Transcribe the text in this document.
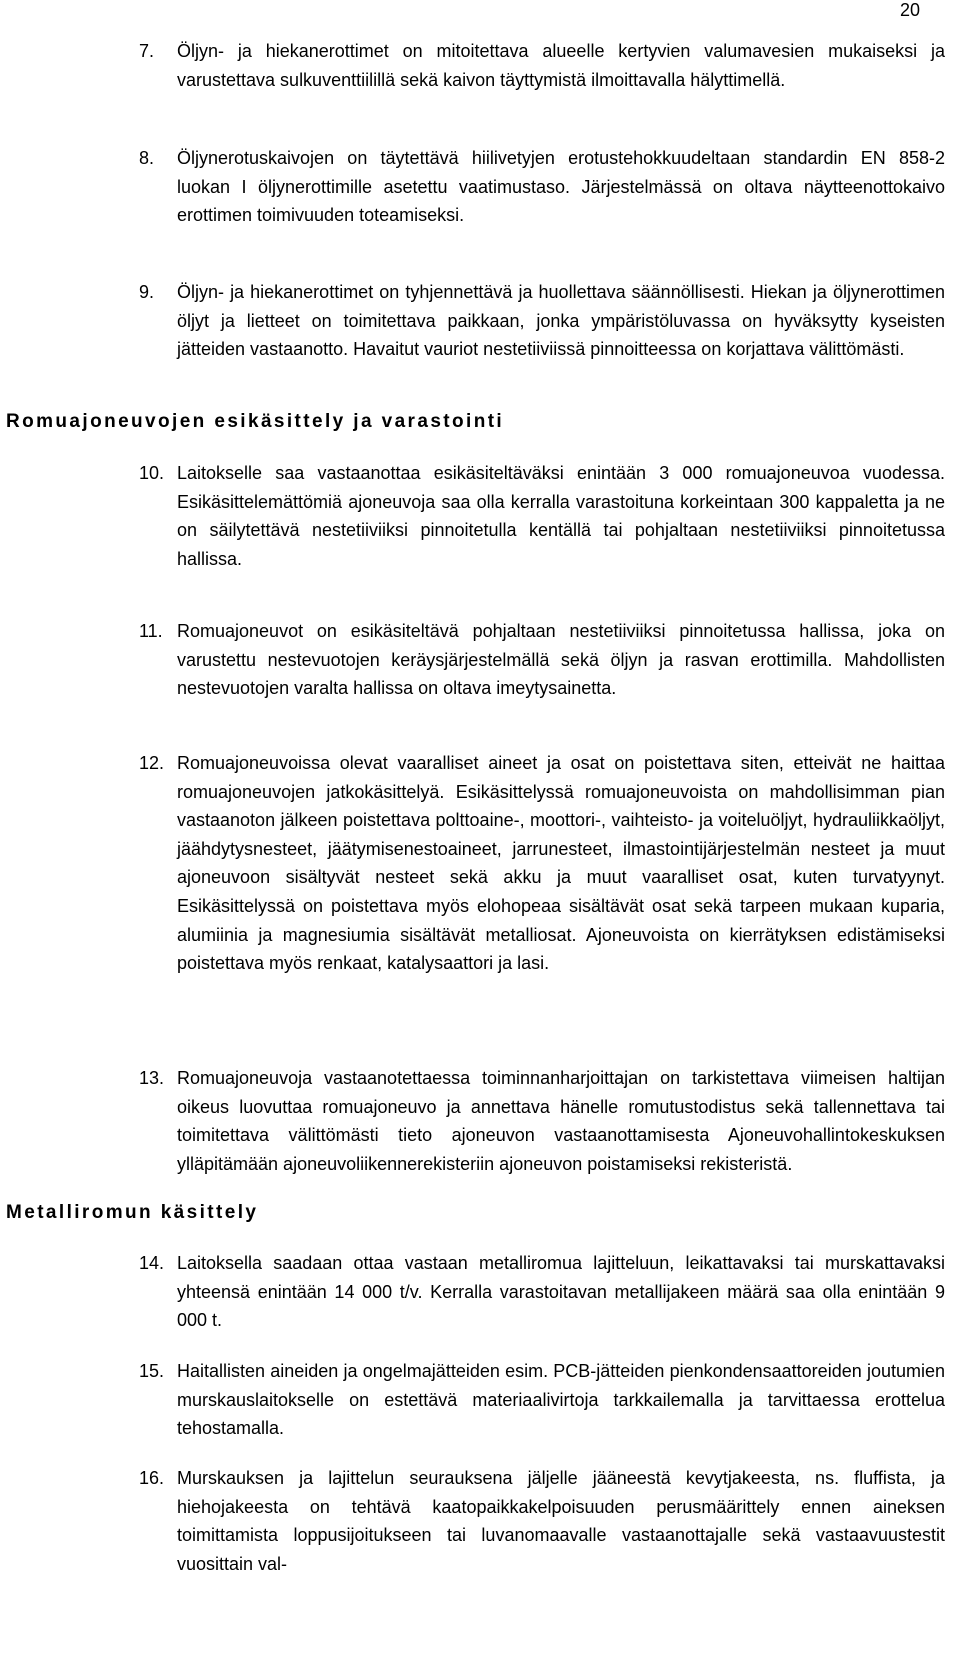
20
7.	Öljyn- ja hiekanerottimet on mitoitettava alueelle kertyvien valumavesien mukaiseksi ja varustettava sulkuventtiilillä sekä kaivon täyttymistä ilmoittavalla hälyttimellä.

8.	Öljynerotuskaivojen on täytettävä hiilivetyjen erotustehokkuudeltaan standardin EN 858-2 luokan I öljynerottimille asetettu vaatimustaso. Järjestelmässä on oltava näytteenottokaivo erottimen toimivuuden toteamiseksi.

9.	Öljyn- ja hiekanerottimet on tyhjennettävä ja huollettava säännöllisesti. Hiekan ja öljynerottimen öljyt ja lietteet on toimitettava paikkaan, jonka ympäristöluvassa on hyväksytty kyseisten jätteiden vastaanotto. Havaitut vauriot nestetiiviissä pinnoitteessa on korjattava välittömästi.

Romuajoneuvojen esikäsittely ja varastointi
10. Laitokselle saa vastaanottaa esikäsiteltäväksi enintään 3 000 romuajoneuvoa vuodessa. Esikäsittelemättömiä ajoneuvoja saa olla kerralla varastoituna korkeintaan 300 kappaletta ja ne on säilytettävä nestetiiviiksi pinnoitetulla kentällä tai pohjaltaan nestetiiviiksi pinnoitetussa hallissa.

11. Romuajoneuvot on esikäsiteltävä pohjaltaan nestetiiviiksi pinnoitetussa hallissa, joka on varustettu nestevuotojen keräysjärjestelmällä sekä öljyn ja rasvan erottimilla. Mahdollisten nestevuotojen varalta hallissa on oltava imeytysainetta.

12. Romuajoneuvoissa olevat vaaralliset aineet ja osat on poistettava siten, etteivät ne haittaa romuajoneuvojen jatkokäsittelyä. Esikäsittelyssä romuajoneuvoista on mahdollisimman pian vastaanoton jälkeen poistettava polttoaine-, moottori-, vaihteisto- ja voiteluöljyt, hydrauliikkaöljyt, jäähdytysnesteet, jäätymisenestoaineet, jarrunesteet, ilmastointijärjestelmän nesteet ja muut ajoneuvoon sisältyvät nesteet sekä akku ja muut vaaralliset osat, kuten turvatyynyt. Esikäsittelyssä on poistettava myös elohopeaa sisältävät osat sekä tarpeen mukaan kuparia, alumiinia ja magnesiumia sisältävät metalliosat. Ajoneuvoista on kierrätyksen edistämiseksi poistettava myös renkaat, katalysaattori ja lasi.

13. Romuajoneuvoja vastaanotettaessa toiminnanharjoittajan on tarkistettava viimeisen haltijan oikeus luovuttaa romuajoneuvo ja annettava hänelle romutustodistus sekä tallennettava tai toimitettava välittömästi tieto ajoneuvon vastaanottamisesta Ajoneuvohallintokeskuksen ylläpitämään ajoneuvoliikennerekisteriin ajoneuvon poistamiseksi rekisteristä.

Metalliromun käsittely
14. Laitoksella saadaan ottaa vastaan metalliromua lajitteluun, leikattavaksi tai murskattavaksi yhteensä enintään 14 000 t/v. Kerralla varastoitavan metallijakeen määrä saa olla enintään 9 000 t.

15. Haitallisten aineiden ja ongelmajätteiden esim. PCB-jätteiden pienkondensaattoreiden joutumien murskauslaitokselle on estettävä materiaalivirtoja tarkkailemalla ja tarvittaessa erottelua tehostamalla.

16. Murskauksen ja lajittelun seurauksena jäljelle jääneestä kevytjakeesta, ns. fluffista, ja hiehojakeesta on tehtävä kaatopaikkakelpoisuuden perusmäärittely ennen aineksen toimittamista loppusijoitukseen tai luvanomaavalle vastaanottajalle sekä vastaavuustestit vuosittain val-
